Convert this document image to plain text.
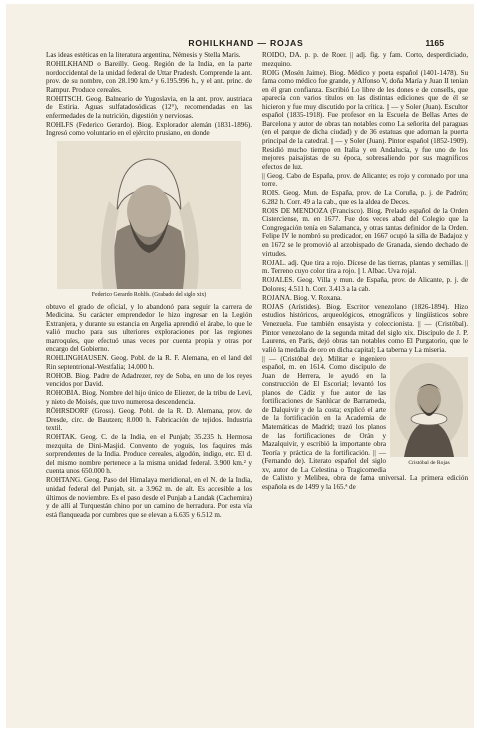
ROHILKHAND — ROJAS	1165

Las ideas estéticas en la literatura argentina, Némesis y Stella Maris.

ROHILKHAND o Bareilly. Geog. Región de la India, en la parte nordoccidental de la unidad federal de Uttar Pradesh. Comprende la ant. prov. de su nombre, con 28.190 km.² y 6.195.996 h., y el ant. princ. de Rampur. Produce cereales.

ROHITSCH. Geog. Balneario de Yugoslavia, en la ant. prov. austriaca de Estiria. Aguas sulfatadosódicas (12°), recomendadas en las enfermedades de la nutrición, digestión y nerviosas.

ROHLFS (Federico Gerardo). Biog. Explorador alemán (1831-1896). Ingresó como voluntario en el ejército prusiano, en donde

Federico Gerardo Rohlfs. (Grabado del siglo xix)

obtuvo el grado de oficial, y lo abandonó para seguir la carrera de Medicina. Su carácter emprendedor le hizo ingresar en la Legión Extranjera, y durante su estancia en Argelia aprendió el árabe, lo que le valió mucho para sus ulteriores exploraciones por las regiones marroquíes, que efectuó unas veces por cuenta propia y otras por encargo del Gobierno.

ROHLINGHAUSEN. Geog. Pobl. de la R. F. Alemana, en el land del Rin septentrional-Westfalia; 14.000 h.

ROHOB. Biog. Padre de Adadrezer, rey de Soba, en uno de los reyes vencidos por David.

ROHOBIA. Biog. Nombre del hijo único de Eliezer, de la tribu de Leví, y nieto de Moisés, que tuvo numerosa descendencia.

RÖHRSDORF (Gross). Geog. Pobl. de la R. D. Alemana, prov. de Dresde, circ. de Bautzen; 8.000 h. Fabricación de tejidos. Industria textil.

ROHTAK. Geog. C. de la India, en el Punjab; 35.235 h. Hermosa mezquita de Dini-Masjid. Convento de yoguis, los faquires más sorprendentes de la India. Produce cereales, algodón, índigo, etc. El d. del mismo nombre pertenece a la misma unidad federal. 3.900 km.² y cuenta unos 650.000 h.

ROHTANG. Geog. Paso del Himalaya meridional, en el N. de la India, unidad federal del Punjab, sit. a 3.962 m. de alt. Es accesible a los últimos de noviembre. Es el paso desde el Punjab a Landak (Cachemira) y de allí al Turquestán chino por un camino de herradura. Por esta vía está flanqueada por cumbres que se elevan a 6.635 y 6.512 m.

ROIDO, DA. p. p. de Roer. || adj. fig. y fam. Corto, desperdiciado, mezquino.

ROIG (Mosén Jaime). Biog. Médico y poeta español (1401-1478). Su fama como médico fue grande, y Alfonso V, doña María y Juan II tenían en él gran confianza. Escribió Lo libre de les dones e de consells, que aparecía con varios títulos en las distintas ediciones que de él se hicieron y fue muy discutido por la crítica. || — y Soler (Juan). Escultor español (1835-1918). Fue profesor en la Escuela de Bellas Artes de Barcelona y autor de obras tan notables como La señorita del paraguas (en el parque de dicha ciudad) y de 36 estatuas que adornan la puerta principal de la catedral. || — y Soler (Juan). Pintor español (1852-1909). Residió mucho tiempo en Italia y en Andalucía, y fue uno de los mejores paisajistas de su época, sobresaliendo por sus magníficos efectos de luz.

|| Geog. Cabo de España, prov. de Alicante; es rojo y coronado por una torre.

ROIS. Geog. Mun. de España, prov. de La Coruña, p. j. de Padrón; 6.282 h. Corr. 49 a la cab., que es la aldea de Deces.

ROIS DE MENDOZA (Francisco). Biog. Prelado español de la Orden Cisterciense, m. en 1677. Fue dos veces abad del Colegio que la Congregación tenía en Salamanca, y otras tantas definidor de la Orden. Felipe IV le nombró su predicador, en 1667 ocupó la silla de Badajoz y en 1672 se le promovió al arzobispado de Granada, siendo dechado de virtudes.

ROJAL. adj. Que tira a rojo. Dícese de las tierras, plantas y semillas. || m. Terreno cuyo color tira a rojo. || l. Albac. Uva rojal.

ROJALES. Geog. Villa y mun. de España, prov. de Alicante, p. j. de Dolores; 4.511 h. Corr. 3.413 a la cab.

ROJANA. Biog. V. Roxana.

ROJAS (Arístides). Biog. Escritor venezolano (1826-1894). Hizo estudios históricos, arqueológicos, etnográficos y lingüísticos sobre Venezuela. Fue también ensayista y coleccionista. || — (Cristóbal). Pintor venezolano de la segunda mitad del siglo xix. Discípulo de J. P. Laurens, en París, dejó obras tan notables como El Purgatorio, que le valió la medalla de oro en dicha capital; La taberna y La miseria.

Cristóbal de Rojas

|| — (Cristóbal de). Militar e ingeniero español, m. en 1614. Como discípulo de Juan de Herrera, le ayudó en la construcción de El Escorial; levantó los planos de Cádiz y fue autor de las fortificaciones de Sanlúcar de Barrameda, de Dalquivir y de la costa; explicó el arte de la fortificación en la Academia de Matemáticas de Madrid; trazó los planos de las fortificaciones de Orán y Mazalquivir, y escribió la importante obra Teoría y práctica de la fortificación. || — (Fernando de). Literato español del siglo xv, autor de La Celestina o Tragicomedia de Calixto y Melibea, obra de fama universal. La primera edición española es de 1499 y la 165.ª de
